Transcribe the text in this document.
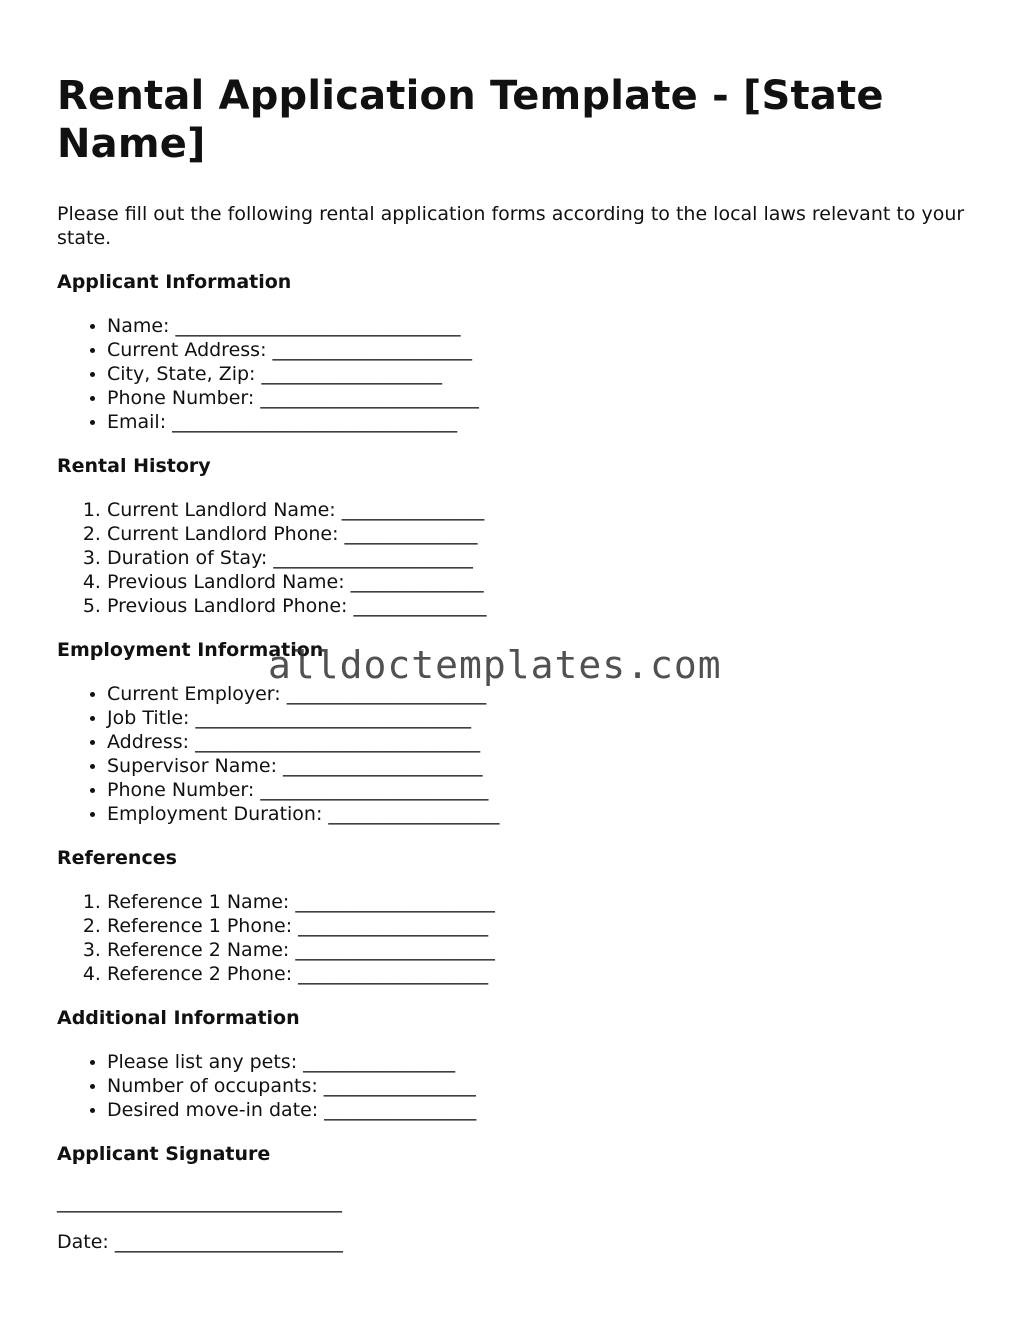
Rental Application Template - [State Name]

Please fill out the following rental application forms according to the local laws relevant to your state.

Applicant Information
• Name: ______________________________
• Current Address: _____________________
• City, State, Zip: ___________________
• Phone Number: _______________________
• Email: ______________________________
Rental History
1. Current Landlord Name: _______________
2. Current Landlord Phone: ______________
3. Duration of Stay: _____________________
4. Previous Landlord Name: ______________
5. Previous Landlord Phone: ______________
Employment Information
• Current Employer: _____________________
• Job Title: _____________________________
• Address: ______________________________
• Supervisor Name: _____________________
• Phone Number: ________________________
• Employment Duration: __________________
References
1. Reference 1 Name: _____________________
2. Reference 1 Phone: ____________________
3. Reference 2 Name: _____________________
4. Reference 2 Phone: ____________________
Additional Information
• Please list any pets: ________________
• Number of occupants: ________________
• Desired move-in date: ________________
Applicant Signature

______________________________

Date: ________________________

alldoctemplates.com
